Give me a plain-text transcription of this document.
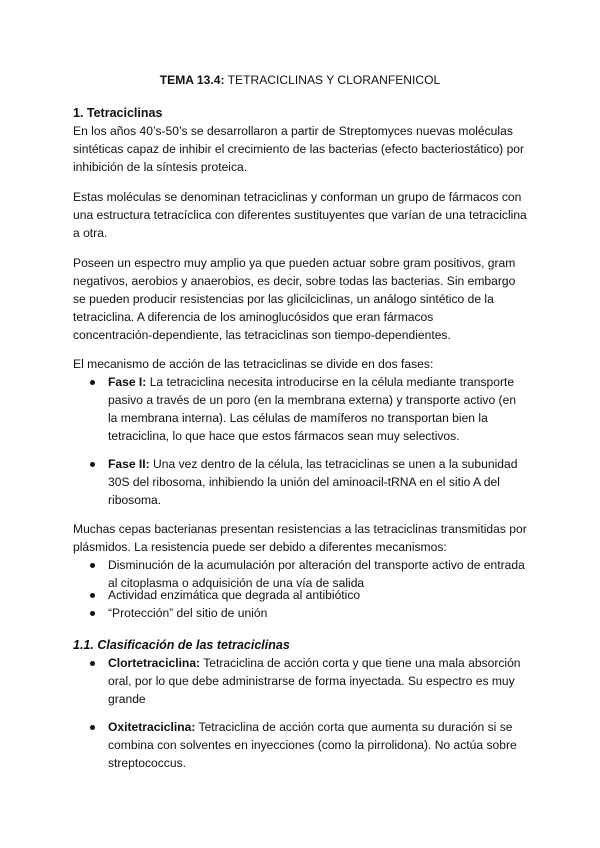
TEMA 13.4: TETRACICLINAS Y CLORANFENICOL
1. Tetraciclinas
En los años 40’s-50’s se desarrollaron a partir de Streptomyces nuevas moléculas
sintéticas capaz de inhibir el crecimiento de las bacterias (efecto bacteriostático) por
inhibición de la síntesis proteica.
Estas moléculas se denominan tetraciclinas y conforman un grupo de fármacos con
una estructura tetracíclica con diferentes sustituyentes que varían de una tetraciclina
a otra.
Poseen un espectro muy amplio ya que pueden actuar sobre gram positivos, gram
negativos, aerobios y anaerobios, es decir, sobre todas las bacterias. Sin embargo
se pueden producir resistencias por las glicilciclinas, un análogo sintético de la
tetraciclina. A diferencia de los aminoglucósidos que eran fármacos
concentración-dependiente, las tetraciclinas son tiempo-dependientes.
El mecanismo de acción de las tetraciclinas se divide en dos fases:
Fase I: La tetraciclina necesita introducirse en la célula mediante transporte
pasivo a través de un poro (en la membrana externa) y transporte activo (en
la membrana interna). Las células de mamíferos no transportan bien la
tetraciclina, lo que hace que estos fármacos sean muy selectivos.
Fase II: Una vez dentro de la célula, las tetraciclinas se unen a la subunidad
30S del ribosoma, inhibiendo la unión del aminoacil-tRNA en el sitio A del
ribosoma.
Muchas cepas bacterianas presentan resistencias a las tetraciclinas transmitidas por
plásmidos. La resistencia puede ser debido a diferentes mecanismos:
Disminución de la acumulación por alteración del transporte activo de entrada
al citoplasma o adquisición de una vía de salida
Actividad enzimática que degrada al antibiótico
“Protección” del sitio de unión
1.1. Clasificación de las tetraciclinas
Clortetraciclina: Tetraciclina de acción corta y que tiene una mala absorción
oral, por lo que debe administrarse de forma inyectada. Su espectro es muy
grande
Oxitetraciclina: Tetraciclina de acción corta que aumenta su duración si se
combina con solventes en inyecciones (como la pirrolidona). No actúa sobre
streptococcus.
